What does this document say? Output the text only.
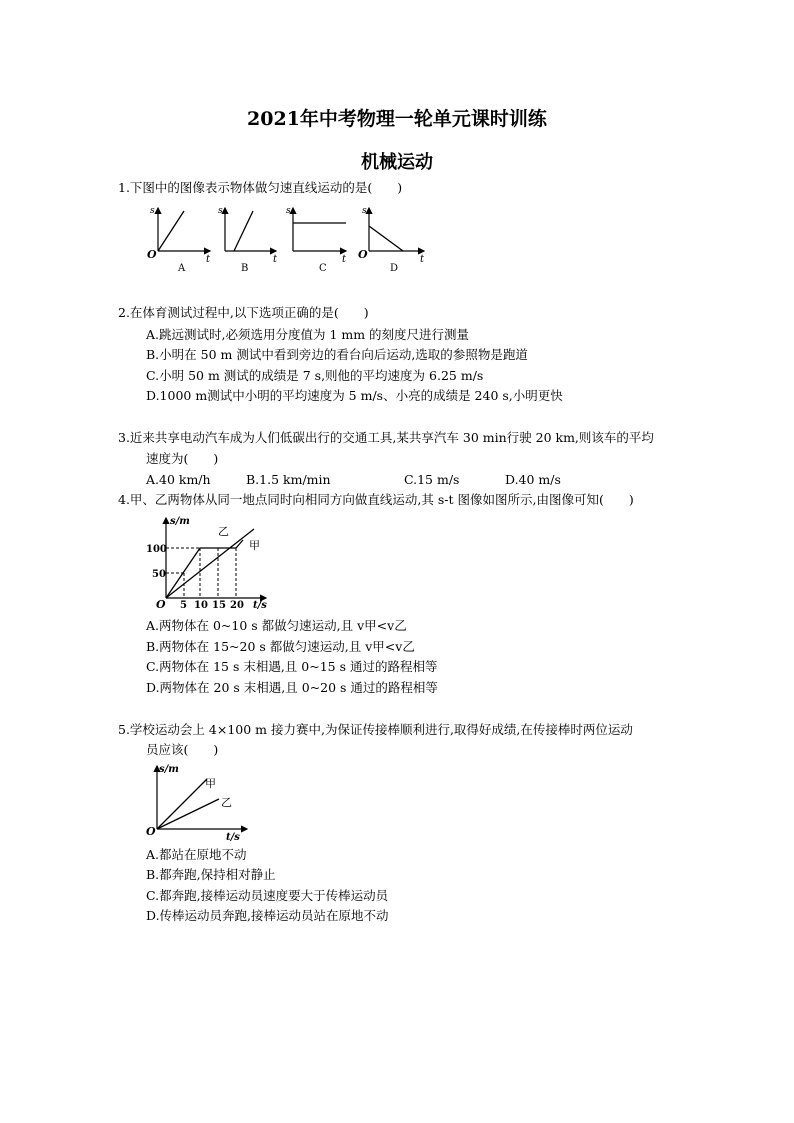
2021年中考物理一轮单元课时训练
机械运动
1.下图中的图像表示物体做匀速直线运动的是(　　)
O
s
t
A
s
t
B
s
t
C
O
s
t
D
2.在体育测试过程中,以下选项正确的是(　　)
A.跳远测试时,必须选用分度值为 1 mm 的刻度尺进行测量
B.小明在 50 m 测试中看到旁边的看台向后运动,选取的参照物是跑道
C.小明 50 m 测试的成绩是 7 s,则他的平均速度为 6.25 m/s
D.1000 m测试中小明的平均速度为 5 m/s、小亮的成绩是 240 s,小明更快
3.近来共享电动汽车成为人们低碳出行的交通工具,某共享汽车 30 min行驶 20 km,则该车的平均
速度为(　　)
A.40 km/h	B.1.5 km/min	C.15 m/s	D.40 m/s
4.甲、乙两物体从同一地点同时向相同方向做直线运动,其 s-t 图像如图所示,由图像可知(　　)
s/m
t/s
O
100
50
5 10 15 20
乙
甲
A.两物体在 0~10 s 都做匀速运动,且 v甲<v乙
B.两物体在 15~20 s 都做匀速运动,且 v甲<v乙
C.两物体在 15 s 末相遇,且 0~15 s 通过的路程相等
D.两物体在 20 s 末相遇,且 0~20 s 通过的路程相等
5.学校运动会上 4×100 m 接力赛中,为保证传接棒顺利进行,取得好成绩,在传接棒时两位运动
员应该(　　)
s/m
t/s
O
甲
乙
A.都站在原地不动
B.都奔跑,保持相对静止
C.都奔跑,接棒运动员速度要大于传棒运动员
D.传棒运动员奔跑,接棒运动员站在原地不动
